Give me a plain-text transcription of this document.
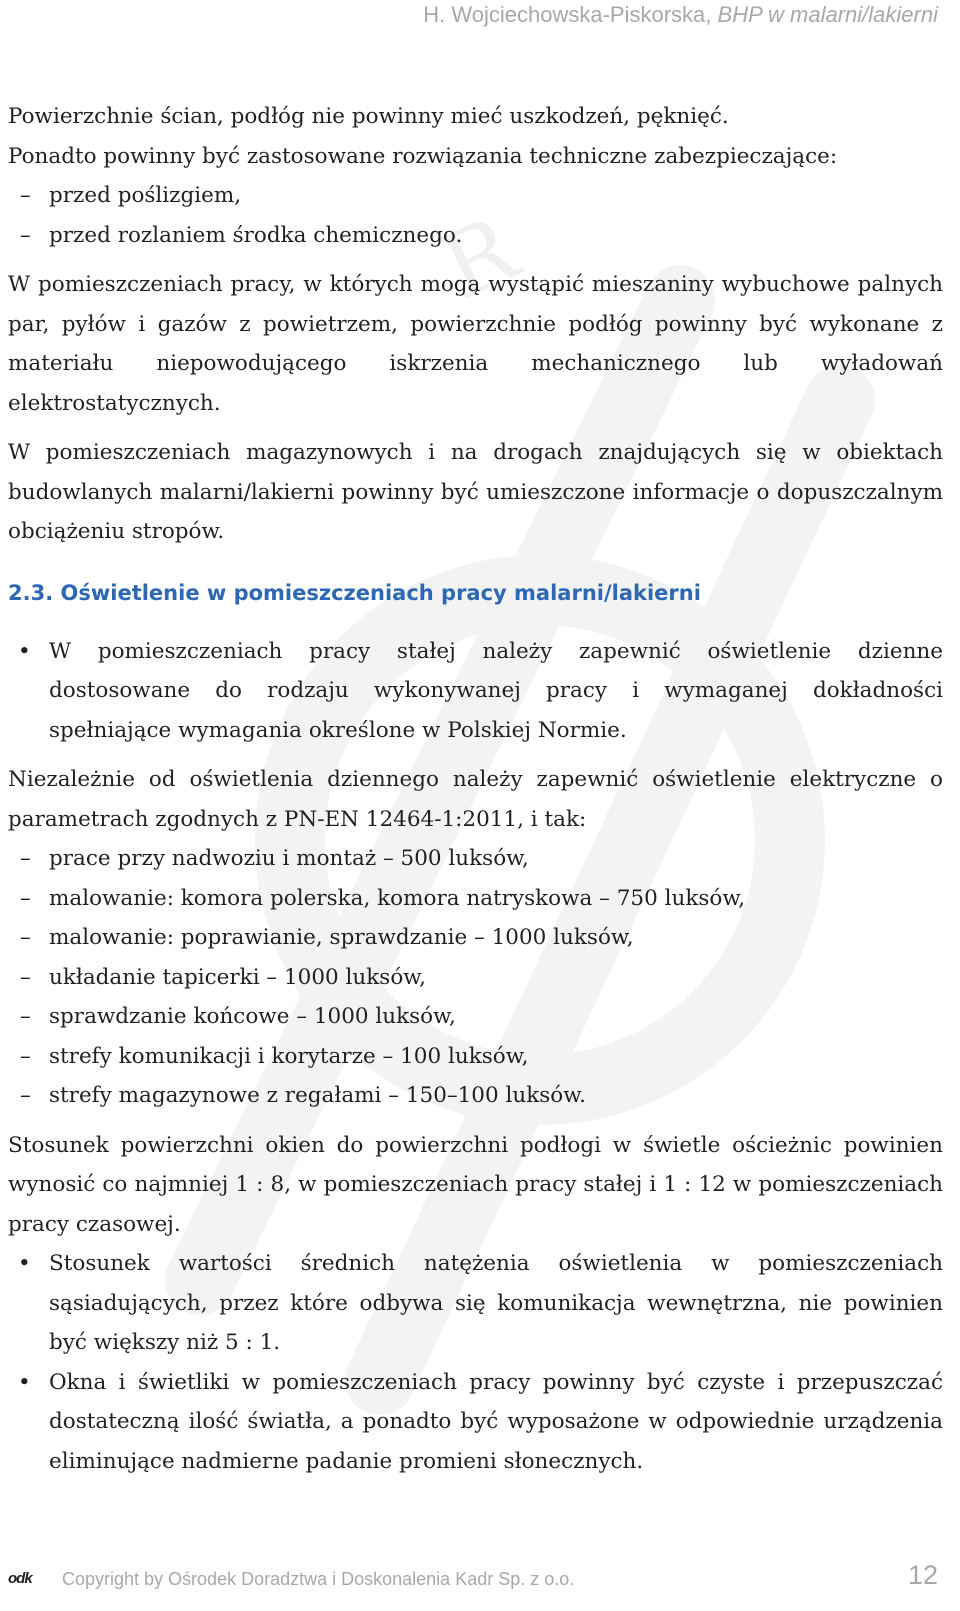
H. Wojciechowska-Piskorska, BHP w malarni/lakierni
R

Powierzchnie ścian, podłóg nie powinny mieć uszkodzeń, pęknięć.

Ponadto powinny być zastosowane rozwiązania techniczne zabezpieczające:

– przed poślizgiem,
– przed rozlaniem środka chemicznego.

W pomieszczeniach pracy, w których mogą wystąpić mieszaniny wybuchowe palnych par, pyłów i gazów z powietrzem, powierzchnie podłóg powinny być wykonane z materiału niepowodującego iskrzenia mechanicznego lub wyładowań elektrostatycznych.

W pomieszczeniach magazynowych i na drogach znajdujących się w obiektach budowlanych malarni/lakierni powinny być umieszczone informacje o dopuszczalnym obciążeniu stropów.

2.3. Oświetlenie w pomieszczeniach pracy malarni/lakierni
• W pomieszczeniach pracy stałej należy zapewnić oświetlenie dzienne dostosowane do rodzaju wykonywanej pracy i wymaganej dokładności spełniające wymagania określone w Polskiej Normie.

Niezależnie od oświetlenia dziennego należy zapewnić oświetlenie elektryczne o parametrach zgodnych z PN-EN 12464-1:2011, i tak:

– prace przy nadwoziu i montaż – 500 luksów,
– malowanie: komora polerska, komora natryskowa – 750 luksów,
– malowanie: poprawianie, sprawdzanie – 1000 luksów,
– układanie tapicerki – 1000 luksów,
– sprawdzanie końcowe – 1000 luksów,
– strefy komunikacji i korytarze – 100 luksów,
– strefy magazynowe z regałami – 150–100 luksów.

Stosunek powierzchni okien do powierzchni podłogi w świetle ościeżnic powinien wynosić co najmniej 1 : 8, w pomieszczeniach pracy stałej i 1 : 12 w pomieszczeniach pracy czasowej.

• Stosunek wartości średnich natężenia oświetlenia w pomieszczeniach sąsiadujących, przez które odbywa się komunikacja wewnętrzna, nie powinien być większy niż 5 : 1.
• Okna i świetliki w pomieszczeniach pracy powinny być czyste i przepuszczać dostateczną ilość światła, a ponadto być wyposażone w odpowiednie urządzenia eliminujące nadmierne padanie promieni słonecznych.
odk Copyright by Ośrodek Doradztwa i Doskonalenia Kadr Sp. z o.o.	12
